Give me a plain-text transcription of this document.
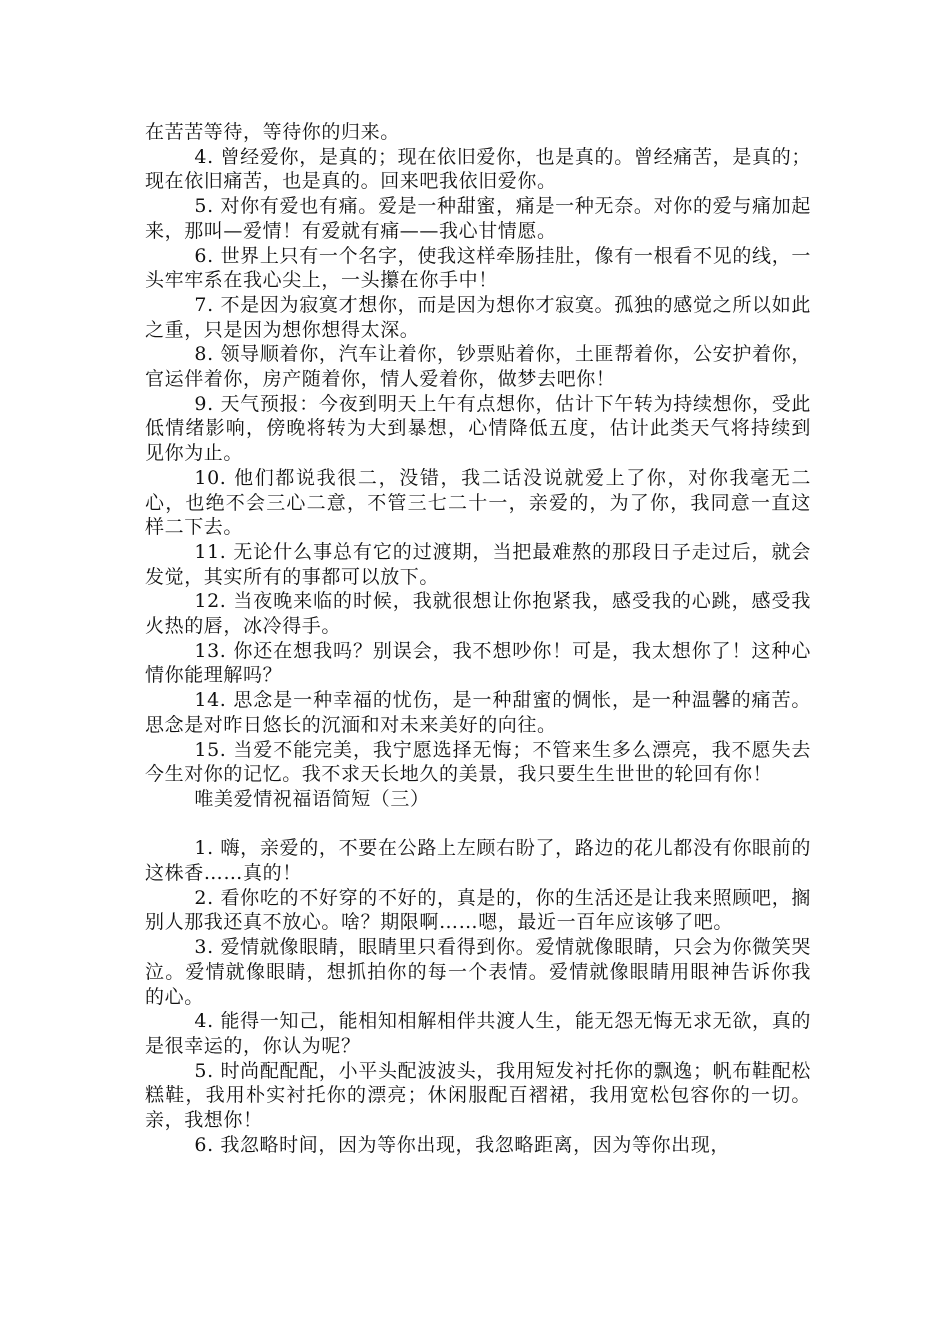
在苦苦等待，等待你的归来。

4. 曾经爱你，是真的；现在依旧爱你，也是真的。曾经痛苦，是真的；现在依旧痛苦，也是真的。回来吧我依旧爱你。

5. 对你有爱也有痛。爱是一种甜蜜，痛是一种无奈。对你的爱与痛加起来，那叫—爱情！有爱就有痛——我心甘情愿。

6. 世界上只有一个名字，使我这样牵肠挂肚，像有一根看不见的线，一头牢牢系在我心尖上，一头攥在你手中！

7. 不是因为寂寞才想你，而是因为想你才寂寞。孤独的感觉之所以如此之重，只是因为想你想得太深。

8. 领导顺着你，汽车让着你，钞票贴着你，土匪帮着你，公安护着你，官运伴着你，房产随着你，情人爱着你，做梦去吧你！

9. 天气预报：今夜到明天上午有点想你，估计下午转为持续想你，受此低情绪影响，傍晚将转为大到暴想，心情降低五度，估计此类天气将持续到见你为止。

10. 他们都说我很二，没错，我二话没说就爱上了你，对你我毫无二心，也绝不会三心二意，不管三七二十一，亲爱的，为了你，我同意一直这样二下去。

11. 无论什么事总有它的过渡期，当把最难熬的那段日子走过后，就会发觉，其实所有的事都可以放下。

12. 当夜晚来临的时候，我就很想让你抱紧我，感受我的心跳，感受我火热的唇，冰冷得手。

13. 你还在想我吗？别误会，我不想吵你！可是，我太想你了！这种心情你能理解吗？

14. 思念是一种幸福的忧伤，是一种甜蜜的惆怅，是一种温馨的痛苦。思念是对昨日悠长的沉湎和对未来美好的向往。

15. 当爱不能完美，我宁愿选择无悔；不管来生多么漂亮，我不愿失去今生对你的记忆。我不求天长地久的美景，我只要生生世世的轮回有你！

唯美爱情祝福语简短（三）

1. 嗨，亲爱的，不要在公路上左顾右盼了，路边的花儿都没有你眼前的这株香……真的！

2. 看你吃的不好穿的不好的，真是的，你的生活还是让我来照顾吧，搁别人那我还真不放心。啥？期限啊……嗯，最近一百年应该够了吧。

3. 爱情就像眼睛，眼睛里只看得到你。爱情就像眼睛，只会为你微笑哭泣。爱情就像眼睛，想抓拍你的每一个表情。爱情就像眼睛用眼神告诉你我的心。

4. 能得一知己，能相知相解相伴共渡人生，能无怨无悔无求无欲，真的是很幸运的，你认为呢？

5. 时尚配配配，小平头配波波头，我用短发衬托你的飘逸；帆布鞋配松糕鞋，我用朴实衬托你的漂亮；休闲服配百褶裙，我用宽松包容你的一切。亲，我想你！

6. 我忽略时间，因为等你出现，我忽略距离，因为等你出现，
